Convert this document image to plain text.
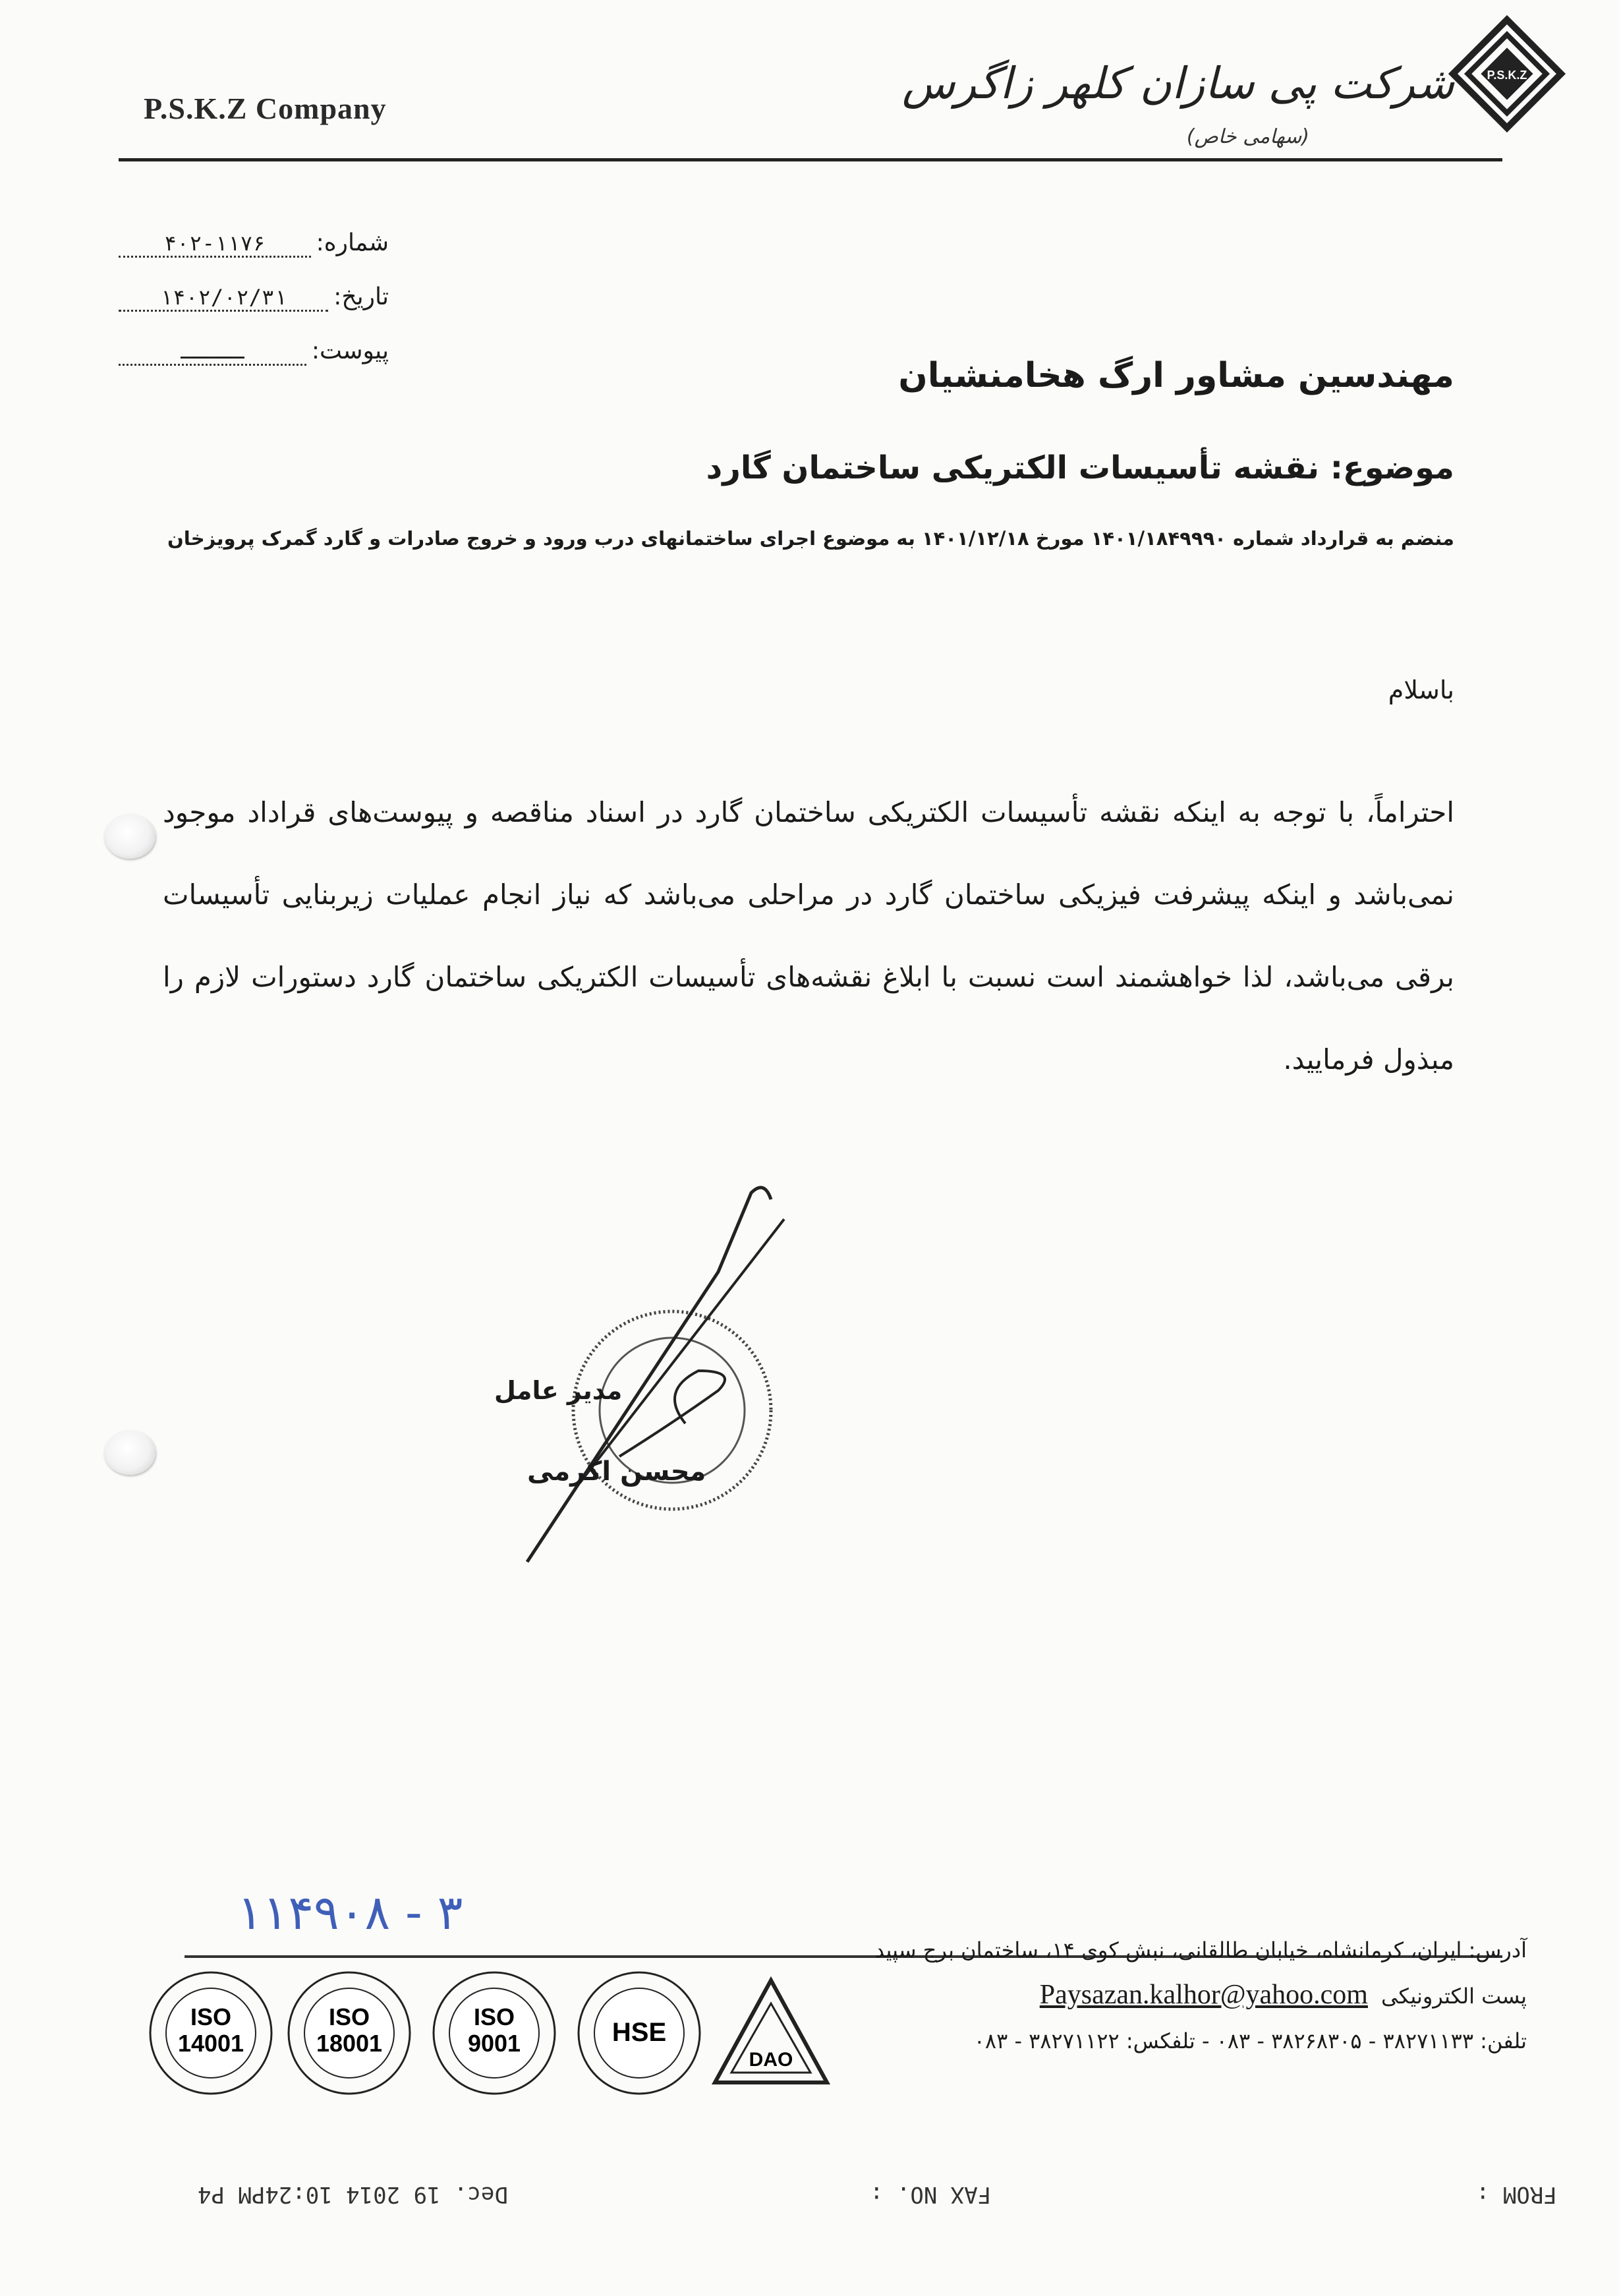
P.S.K.Z Company
P.S.K.Z
شرکت پی سازان کلهر زاگرس
(سهامی خاص)
شماره:
۴۰۲-۱۱۷۶
تاریخ:
۱۴۰۲/۰۲/۳۱
پیوست:
ـــــ
مهندسین مشاور ارگ هخامنشیان
موضوع: نقشه تأسیسات الکتریکی ساختمان گارد
منضم به قرارداد شماره ۱۴۰۱/۱۸۴۹۹۹۰ مورخ ۱۴۰۱/۱۲/۱۸ به موضوع اجرای ساختمانهای درب ورود و خروج صادرات و گارد گمرک پرویزخان
باسلام
احتراماً، با توجه به اینکه نقشه تأسیسات الکتریکی ساختمان گارد در اسناد مناقصه و پیوست‌های قراداد موجود نمی‌باشد و اینکه پیشرفت فیزیکی ساختمان گارد در مراحلی می‌باشد که نیاز انجام عملیات زیربنایی تأسیسات برقی می‌باشد، لذا خواهشمند است نسبت با ابلاغ نقشه‌های تأسیسات الکتریکی ساختمان گارد دستورات لازم را مبذول فرمایید.
مدیر عامل
محسن اکرمی
۱۱۴۹۰۸ - ۳
آدرس: ایران، کرمانشاه، خیابان طالقانی، نبش کوی ۱۴، ساختمان برج سپید
پست الکترونیکی
Paysazan.kalhor@yahoo.com
تلفن: ۳۸۲۷۱۱۳۳ - ۳۸۲۶۸۳۰۵ - ۰۸۳ - تلفکس: ۳۸۲۷۱۱۲۲ - ۰۸۳
ISO
14001
ISO
18001
ISO
9001	HSE
DAO
FROM :
FAX NO. :
Dec. 19 2014 10:24PM P4
